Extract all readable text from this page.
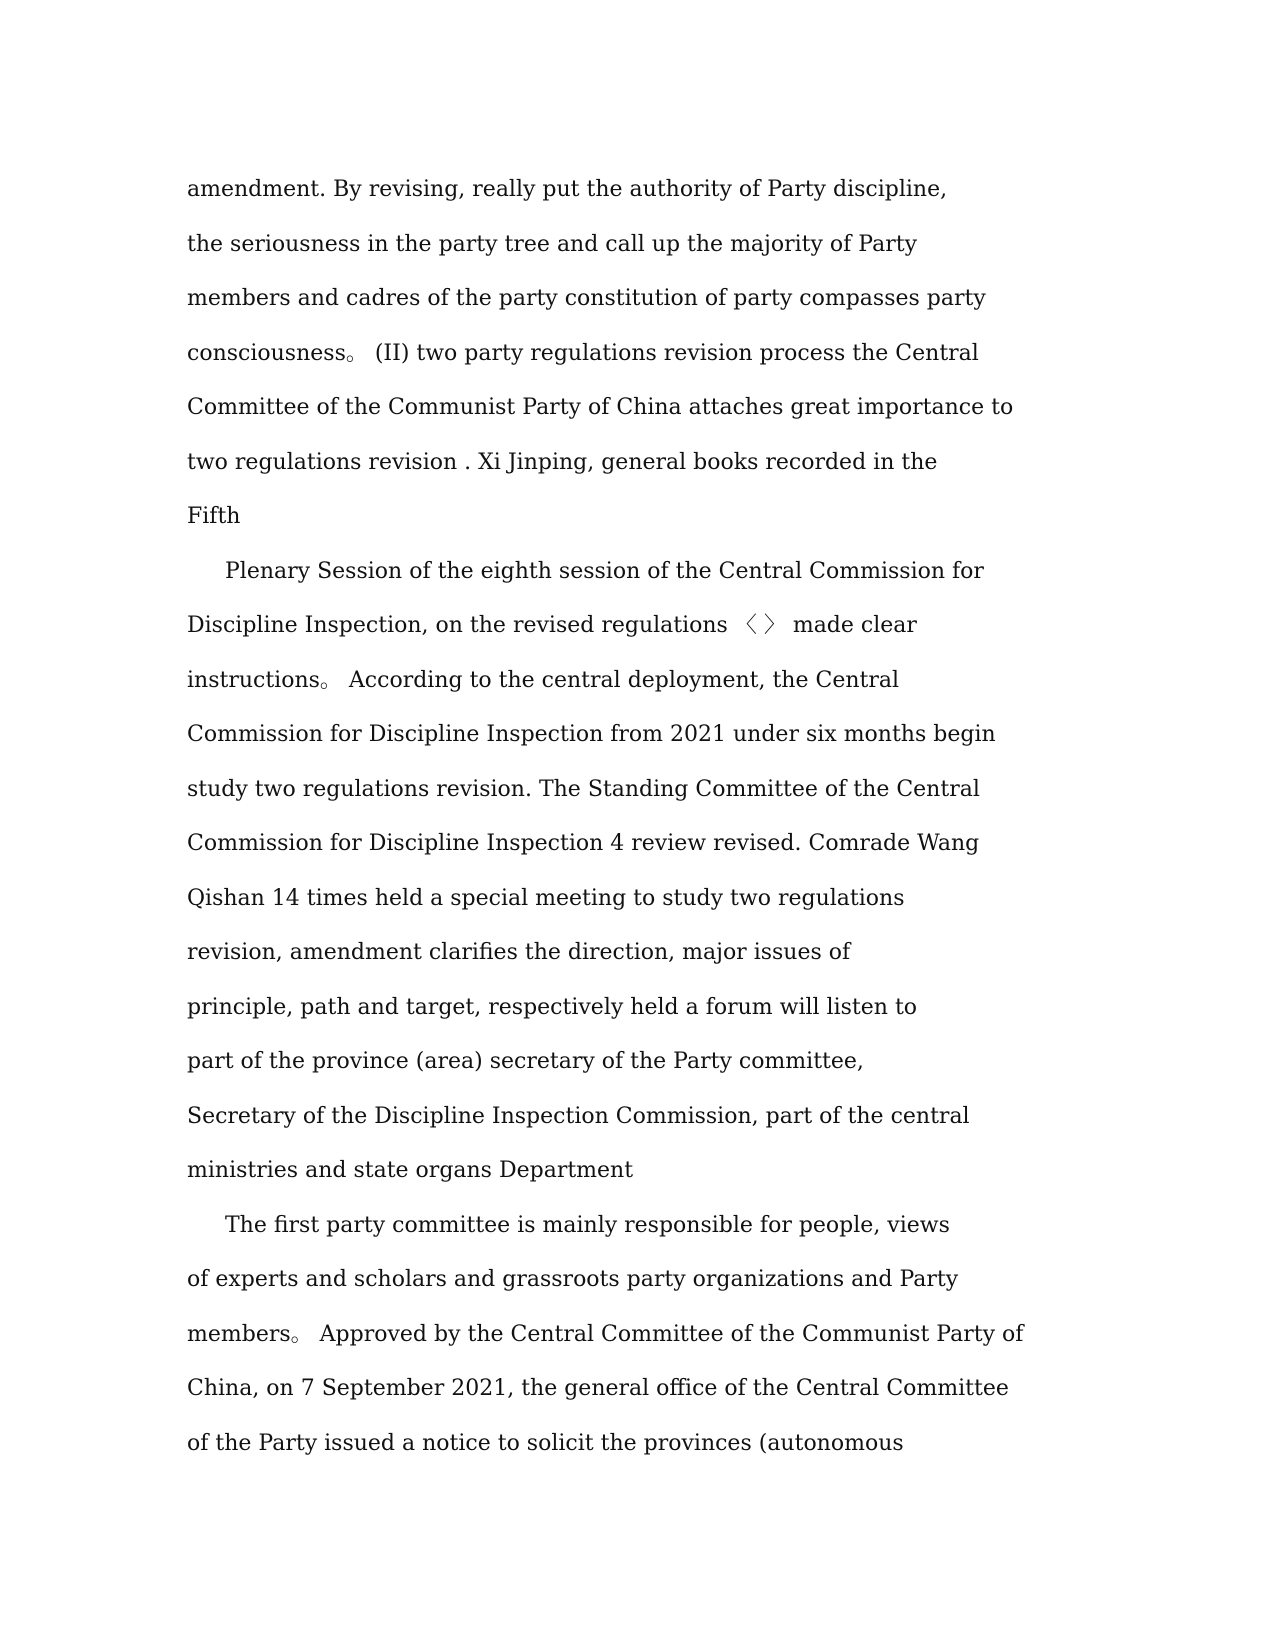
amendment. By revising, really put the authority of Party discipline,
the seriousness in the party tree and call up the majority of Party
members and cadres of the party constitution of party compasses party
consciousness。 (II) two party regulations revision process the Central
Committee of the Communist Party of China attaches great importance to
two regulations revision . Xi Jinping, general books recorded in the
Fifth
Plenary Session of the eighth session of the Central Commission for
Discipline Inspection, on the revised regulations 〈 〉 made clear
instructions。 According to the central deployment, the Central
Commission for Discipline Inspection from 2021 under six months begin
study two regulations revision. The Standing Committee of the Central
Commission for Discipline Inspection 4 review revised. Comrade Wang
Qishan 14 times held a special meeting to study two regulations
revision, amendment clarifies the direction, major issues of
principle, path and target, respectively held a forum will listen to
part of the province (area) secretary of the Party committee,
Secretary of the Discipline Inspection Commission, part of the central
ministries and state organs Department
The first party committee is mainly responsible for people, views
of experts and scholars and grassroots party organizations and Party
members。 Approved by the Central Committee of the Communist Party of
China, on 7 September 2021, the general office of the Central Committee
of the Party issued a notice to solicit the provinces (autonomous
